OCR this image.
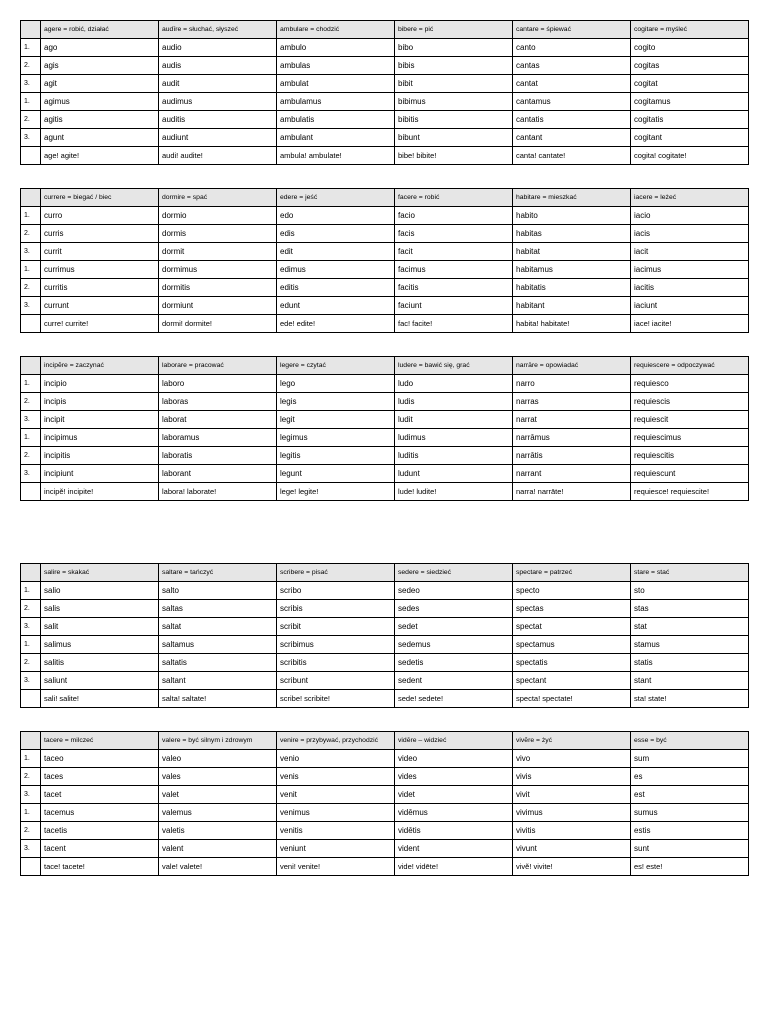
	agere = robić, działać	audīre = słuchać, słyszeć	ambulare = chodzić	bibere = pić	cantare = śpiewać	cogitare = myśleć
1.	ago	audio	ambulo	bibo	canto	cogito
2.	agis	audis	ambulas	bibis	cantas	cogitas
3.	agit	audit	ambulat	bibit	cantat	cogitat
1.	agimus	audimus	ambulamus	bibimus	cantamus	cogitamus
2.	agitis	auditis	ambulatis	bibitis	cantatis	cogitatis
3.	agunt	audiunt	ambulant	bibunt	cantant	cogitant
	age! agite!	audi! audite!	ambula! ambulate!	bibe! bibite!	canta! cantate!	cogita! cogitate!
	currere = biegać / biec	dormire = spać	edere = jeść	facere = robić	habitare = mieszkać	iacere = leżeć
1.	curro	dormio	edo	facio	habito	iacio
2.	curris	dormis	edis	facis	habitas	iacis
3.	currit	dormit	edit	facit	habitat	iacit
1.	currimus	dormimus	edimus	facimus	habitamus	iacimus
2.	curritis	dormitis	editis	facitis	habitatis	iacitis
3.	currunt	dormiunt	edunt	faciunt	habitant	iaciunt
	curre! currite!	dormi! dormite!	ede! edite!	fac! facite!	habita! habitate!	iace! iacite!
	incipĕre = zaczynać	laborare = pracować	legere = czytać	ludere = bawić się, grać	narrāre = opowiadać	requiescere = odpoczywać
1.	incipio	laboro	lego	ludo	narro	requiesco
2.	incipis	laboras	legis	ludis	narras	requiescis
3.	incipit	laborat	legit	ludit	narrat	requiescit
1.	incipimus	laboramus	legimus	ludimus	narrāmus	requiescimus
2.	incipitis	laboratis	legitis	luditis	narrātis	requiescitis
3.	incipiunt	laborant	legunt	ludunt	narrant	requiescunt
	incipĕ! incipite!	labora! laborate!	lege! legite!	lude! ludite!	narra! narrāte!	requiesce! requiescite!
	salire = skakać	saltare = tańczyć	scribere = pisać	sedere = siedzieć	spectare = patrzeć	stare = stać
1.	salio	salto	scribo	sedeo	specto	sto
2.	salis	saltas	scribis	sedes	spectas	stas
3.	salit	saltat	scribit	sedet	spectat	stat
1.	salimus	saltamus	scribimus	sedemus	spectamus	stamus
2.	salitis	saltatis	scribitis	sedetis	spectatis	statis
3.	saliunt	saltant	scribunt	sedent	spectant	stant
	sali! salite!	salta! saltate!	scribe! scribite!	sede! sedete!	specta! spectate!	sta! state!
	tacere = milczeć	valere = być silnym i zdrowym	venire = przybywać, przychodzić	vidēre – widzieć	vivĕre = żyć	esse = być
1.	taceo	valeo	venio	video	vivo	sum
2.	taces	vales	venis	vides	vivis	es
3.	tacet	valet	venit	videt	vivit	est
1.	tacemus	valemus	venimus	vidēmus	vivimus	sumus
2.	tacetis	valetis	venitis	vidētis	vivitis	estis
3.	tacent	valent	veniunt	vident	vivunt	sunt
	tace! tacete!	vale! valete!	veni! venite!	vide! vidēte!	vivĕ! vivite!	es! este!
